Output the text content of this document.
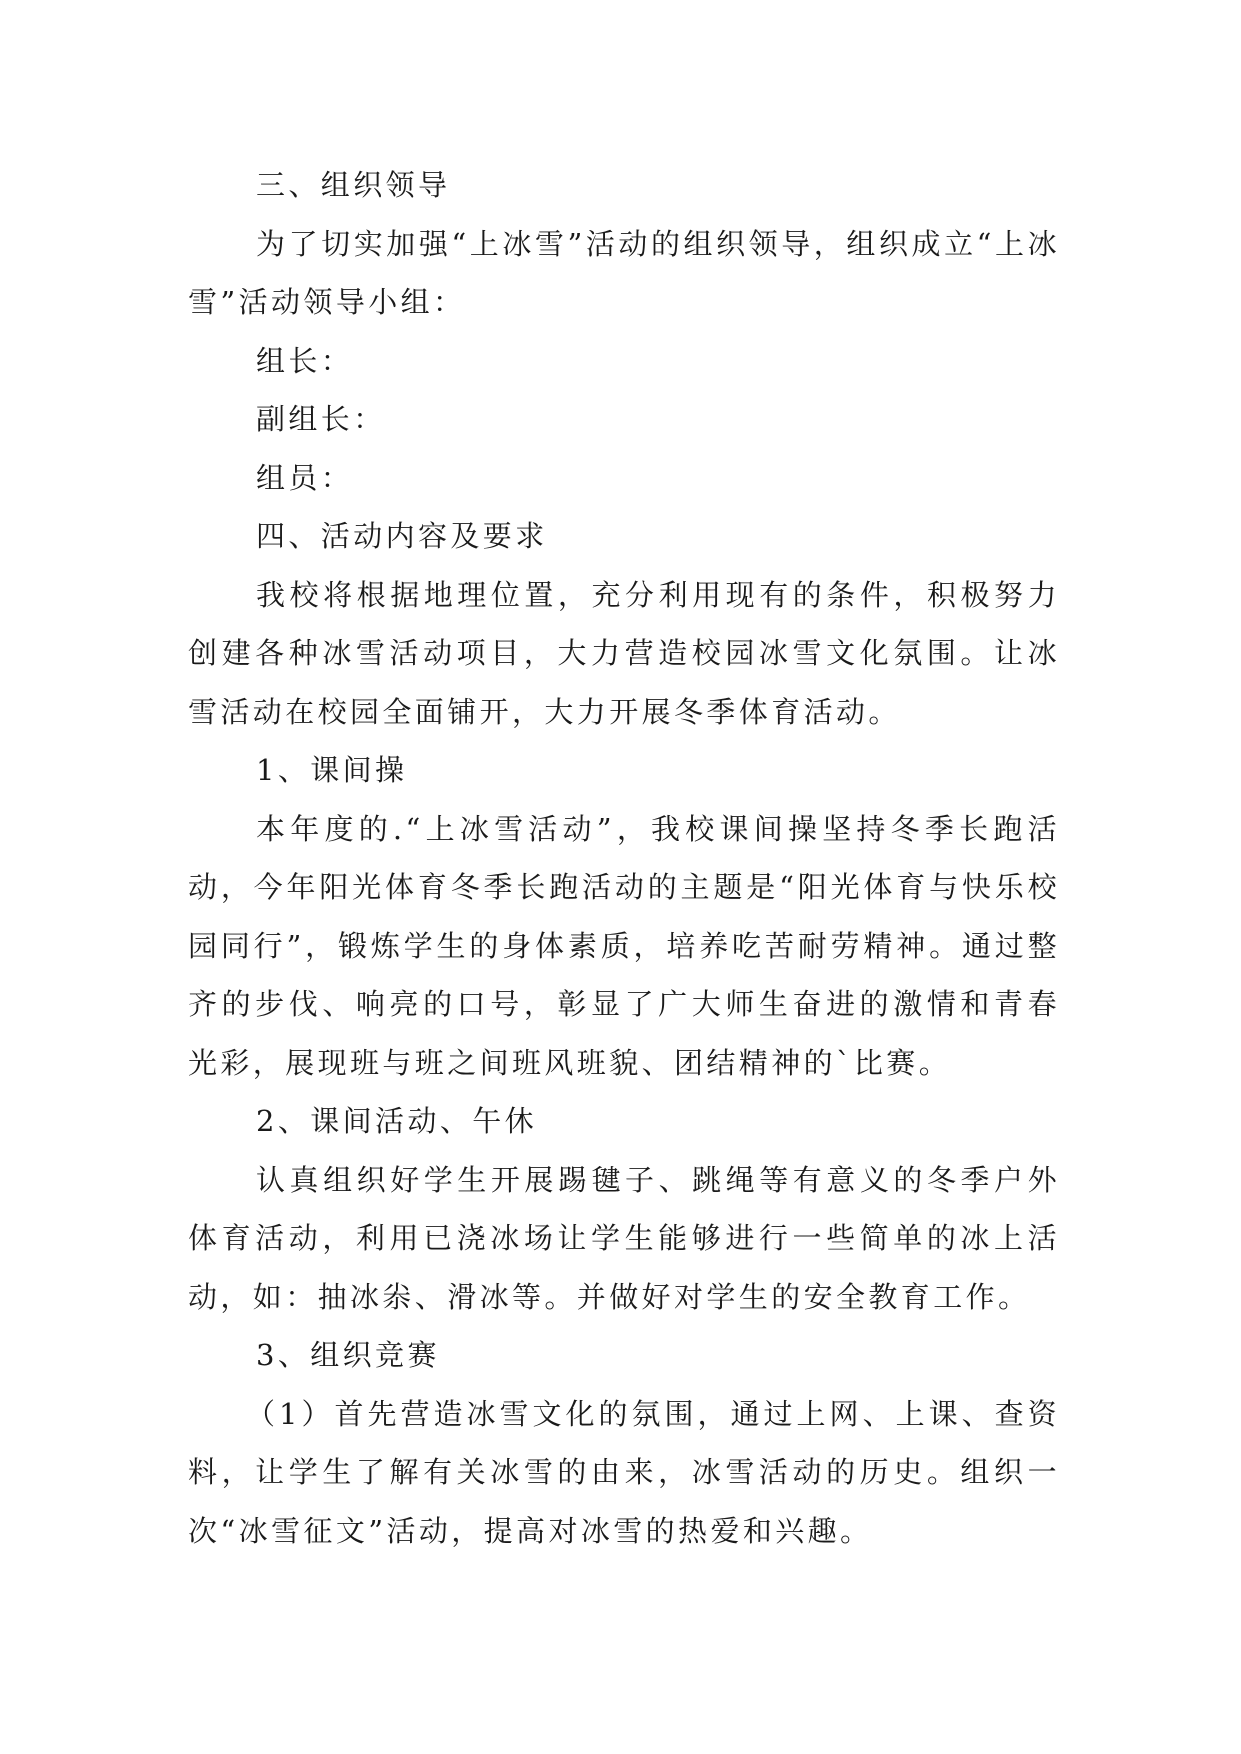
三、组织领导

为了切实加强“上冰雪”活动的组织领导，组织成立“上冰雪”活动领导小组：

组长：

副组长：

组员：

四、活动内容及要求

我校将根据地理位置，充分利用现有的条件，积极努力创建各种冰雪活动项目，大力营造校园冰雪文化氛围。让冰雪活动在校园全面铺开，大力开展冬季体育活动。

1、课间操

本年度的.“上冰雪活动”，我校课间操坚持冬季长跑活动，今年阳光体育冬季长跑活动的主题是“阳光体育与快乐校园同行”，锻炼学生的身体素质，培养吃苦耐劳精神。通过整齐的步伐、响亮的口号，彰显了广大师生奋进的激情和青春光彩，展现班与班之间班风班貌、团结精神的`比赛。

2、课间活动、午休

认真组织好学生开展踢毽子、跳绳等有意义的冬季户外体育活动，利用已浇冰场让学生能够进行一些简单的冰上活动，如：抽冰尜、滑冰等。并做好对学生的安全教育工作。

3、组织竞赛

（1）首先营造冰雪文化的氛围，通过上网、上课、查资料，让学生了解有关冰雪的由来，冰雪活动的历史。组织一次“冰雪征文”活动，提高对冰雪的热爱和兴趣。
